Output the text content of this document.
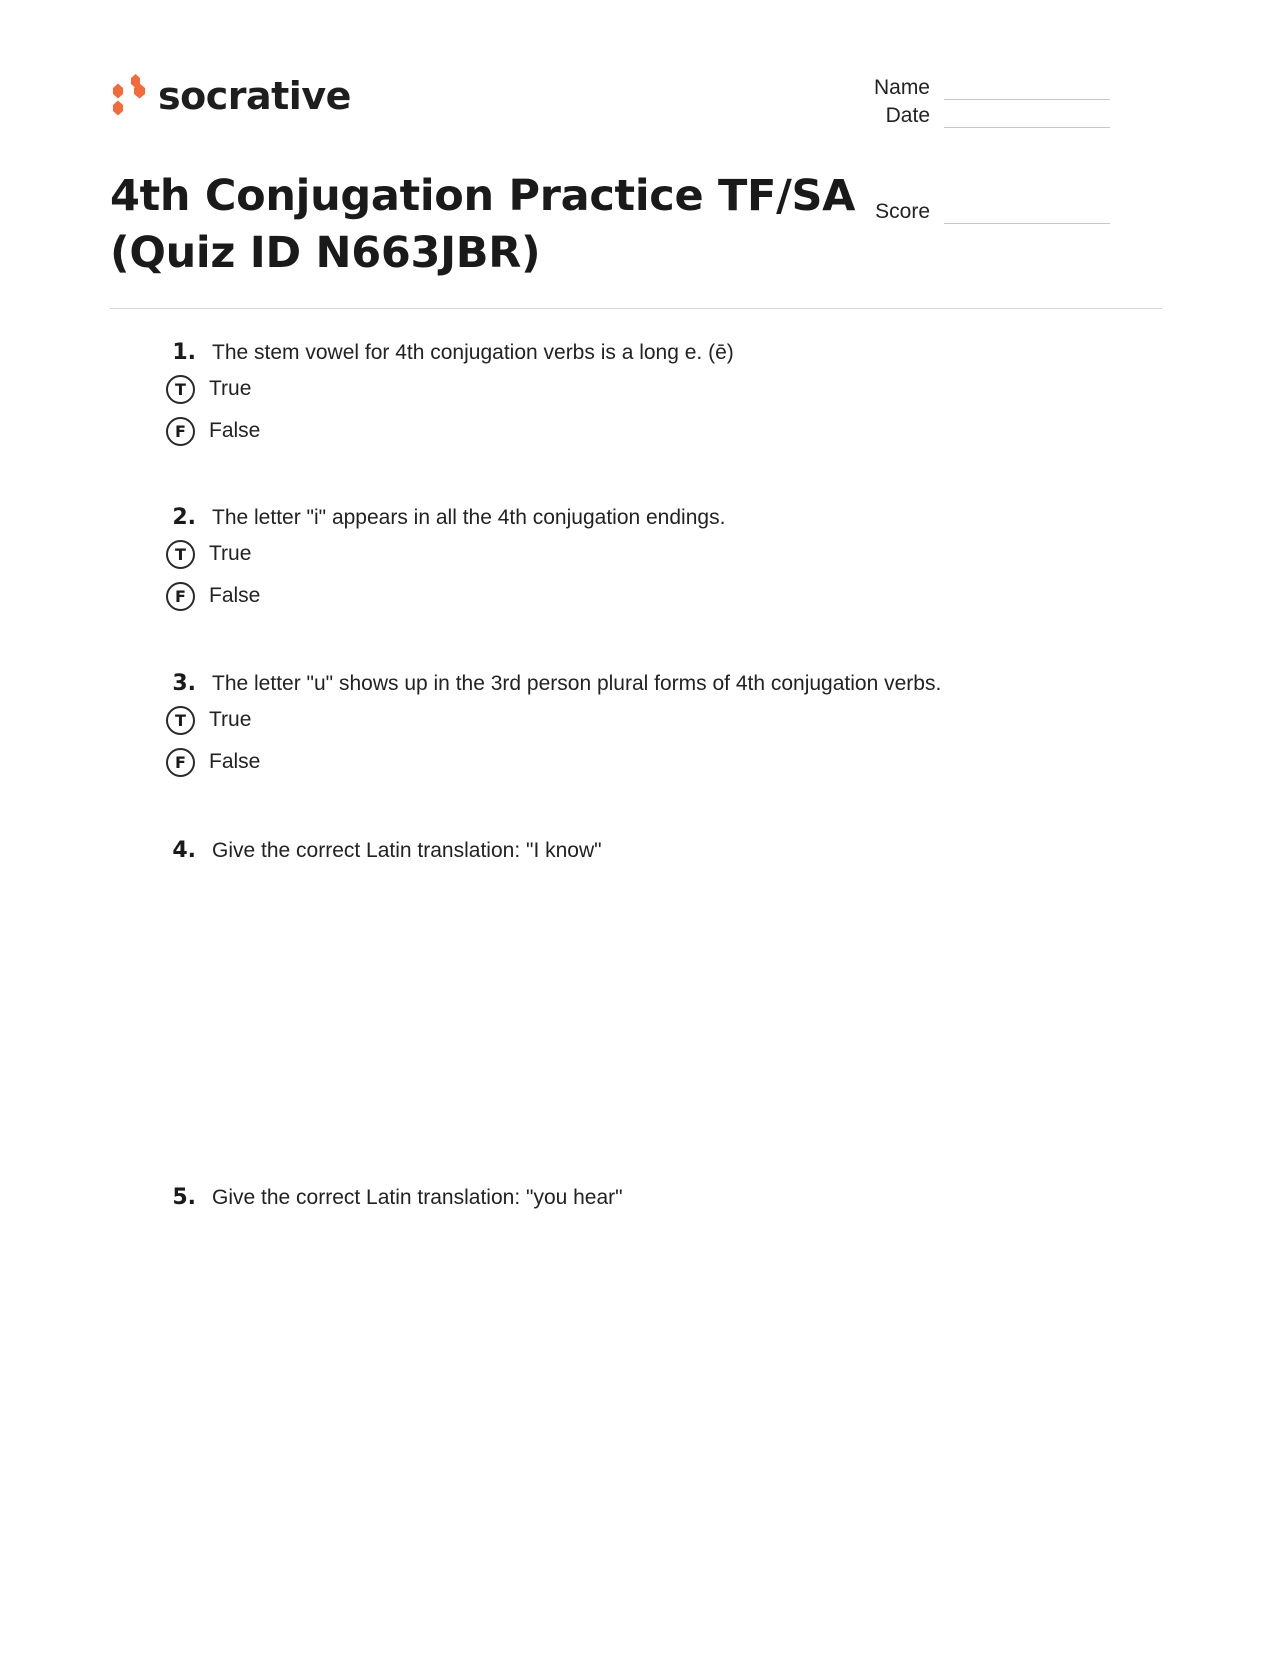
socrative	Name
Date
Score
4th Conjugation Practice TF/SA
(Quiz ID N663JBR)
1. The stem vowel for 4th conjugation verbs is a long e. (ē)
T	True
F	False
2. The letter "i" appears in all the 4th conjugation endings.
T	True
F	False
3. The letter "u" shows up in the 3rd person plural forms of 4th conjugation verbs.
T	True
F	False
4. Give the correct Latin translation: "I know"
5. Give the correct Latin translation: "you hear"
